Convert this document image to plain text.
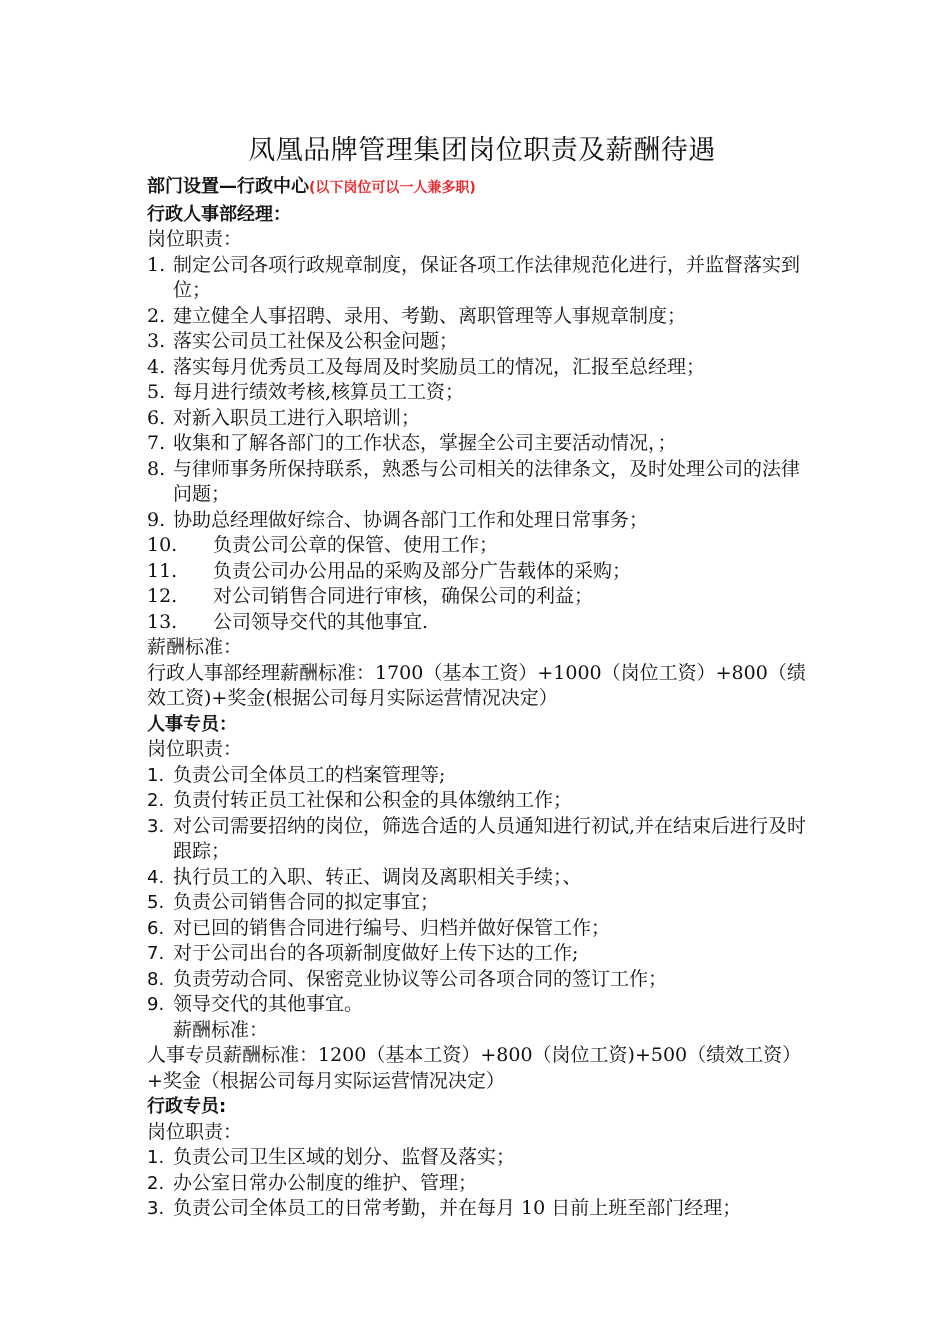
凤凰品牌管理集团岗位职责及薪酬待遇

部门设置—行政中心(以下岗位可以一人兼多职)

行政人事部经理：

岗位职责：

1. 制定公司各项行政规章制度，保证各项工作法律规范化进行，并监督落实到位；
2. 建立健全人事招聘、录用、考勤、离职管理等人事规章制度；
3. 落实公司员工社保及公积金问题；
4. 落实每月优秀员工及每周及时奖励员工的情况，汇报至总经理；
5. 每月进行绩效考核,核算员工工资；
6. 对新入职员工进行入职培训；
7. 收集和了解各部门的工作状态，掌握全公司主要活动情况，；
8. 与律师事务所保持联系，熟悉与公司相关的法律条文，及时处理公司的法律问题；
9. 协助总经理做好综合、协调各部门工作和处理日常事务；
10.	负责公司公章的保管、使用工作；
11.	负责公司办公用品的采购及部分广告载体的采购；
12.	对公司销售合同进行审核，确保公司的利益；
13.	公司领导交代的其他事宜.

薪酬标准：

行政人事部经理薪酬标准：1700（基本工资）+1000（岗位工资）+800（绩效工资)+奖金(根据公司每月实际运营情况决定）

人事专员：

岗位职责：

1. 负责公司全体员工的档案管理等;
2. 负责付转正员工社保和公积金的具体缴纳工作；
3. 对公司需要招纳的岗位，筛选合适的人员通知进行初试,并在结束后进行及时跟踪；
4. 执行员工的入职、转正、调岗及离职相关手续；、
5. 负责公司销售合同的拟定事宜；
6. 对已回的销售合同进行编号、归档并做好保管工作；
7. 对于公司出台的各项新制度做好上传下达的工作;
8. 负责劳动合同、保密竞业协议等公司各项合同的签订工作；
9. 领导交代的其他事宜。

薪酬标准：

人事专员薪酬标准：1200（基本工资）+800（岗位工资)+500（绩效工资）+奖金（根据公司每月实际运营情况决定）

行政专员:

岗位职责：

1. 负责公司卫生区域的划分、监督及落实；
2. 办公室日常办公制度的维护、管理；
3. 负责公司全体员工的日常考勤，并在每月 10 日前上班至部门经理；
